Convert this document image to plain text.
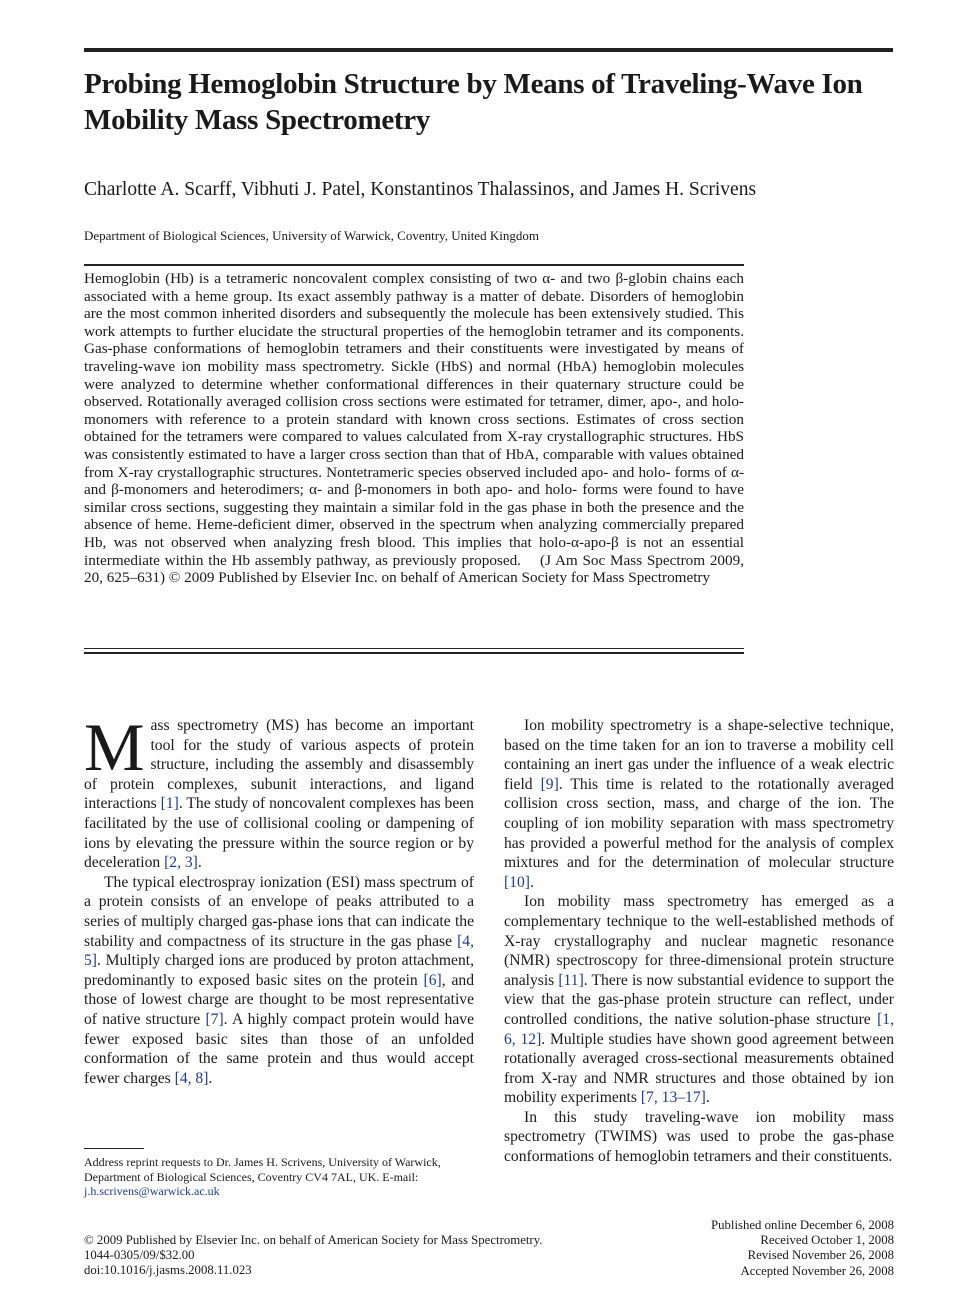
Probing Hemoglobin Structure by Means of Traveling-Wave Ion Mobility Mass Spectrometry
Charlotte A. Scarff, Vibhuti J. Patel, Konstantinos Thalassinos, and James H. Scrivens
Department of Biological Sciences, University of Warwick, Coventry, United Kingdom
Hemoglobin (Hb) is a tetrameric noncovalent complex consisting of two α- and two β-globin chains each associated with a heme group. Its exact assembly pathway is a matter of debate. Disorders of hemoglobin are the most common inherited disorders and subsequently the molecule has been extensively studied. This work attempts to further elucidate the structural properties of the hemoglobin tetramer and its components. Gas-phase conformations of hemoglobin tetramers and their constituents were investigated by means of traveling-wave ion mobility mass spectrometry. Sickle (HbS) and normal (HbA) hemoglobin molecules were analyzed to determine whether conformational differences in their quaternary structure could be observed. Rotationally averaged collision cross sections were estimated for tetramer, dimer, apo-, and holo-monomers with reference to a protein standard with known cross sections. Estimates of cross section obtained for the tetramers were compared to values calculated from X-ray crystallographic structures. HbS was consistently estimated to have a larger cross section than that of HbA, comparable with values obtained from X-ray crystallographic structures. Nontetrameric species observed included apo- and holo- forms of α- and β-monomers and heterodimers; α- and β-monomers in both apo- and holo- forms were found to have similar cross sections, suggesting they maintain a similar fold in the gas phase in both the presence and the absence of heme. Heme-deficient dimer, observed in the spectrum when analyzing commercially prepared Hb, was not observed when analyzing fresh blood. This implies that holo-α-apo-β is not an essential intermediate within the Hb assembly pathway, as previously proposed. (J Am Soc Mass Spectrom 2009, 20, 625–631) © 2009 Published by Elsevier Inc. on behalf of American Society for Mass Spectrometry

Mass spectrometry (MS) has become an important tool for the study of various aspects of protein structure, including the assembly and disassembly of protein complexes, subunit interactions, and ligand interactions [1]. The study of noncovalent complexes has been facilitated by the use of collisional cooling or dampening of ions by elevating the pressure within the source region or by deceleration [2, 3].

The typical electrospray ionization (ESI) mass spectrum of a protein consists of an envelope of peaks attributed to a series of multiply charged gas-phase ions that can indicate the stability and compactness of its structure in the gas phase [4, 5]. Multiply charged ions are produced by proton attachment, predominantly to exposed basic sites on the protein [6], and those of lowest charge are thought to be most representative of native structure [7]. A highly compact protein would have fewer exposed basic sites than those of an unfolded conformation of the same protein and thus would accept fewer charges [4, 8].

Ion mobility spectrometry is a shape-selective technique, based on the time taken for an ion to traverse a mobility cell containing an inert gas under the influence of a weak electric field [9]. This time is related to the rotationally averaged collision cross section, mass, and charge of the ion. The coupling of ion mobility separation with mass spectrometry has provided a powerful method for the analysis of complex mixtures and for the determination of molecular structure [10].

Ion mobility mass spectrometry has emerged as a complementary technique to the well-established methods of X-ray crystallography and nuclear magnetic resonance (NMR) spectroscopy for three-dimensional protein structure analysis [11]. There is now substantial evidence to support the view that the gas-phase protein structure can reflect, under controlled conditions, the native solution-phase structure [1, 6, 12]. Multiple studies have shown good agreement between rotationally averaged cross-sectional measurements obtained from X-ray and NMR structures and those obtained by ion mobility experiments [7, 13–17].

In this study traveling-wave ion mobility mass spectrometry (TWIMS) was used to probe the gas-phase conformations of hemoglobin tetramers and their constituents.

Address reprint requests to Dr. James H. Scrivens, University of Warwick, Department of Biological Sciences, Coventry CV4 7AL, UK. E-mail: j.h.scrivens@warwick.ac.uk
© 2009 Published by Elsevier Inc. on behalf of American Society for Mass Spectrometry.
1044-0305/09/$32.00
doi:10.1016/j.jasms.2008.11.023
Published online December 6, 2008
Received October 1, 2008
Revised November 26, 2008
Accepted November 26, 2008
